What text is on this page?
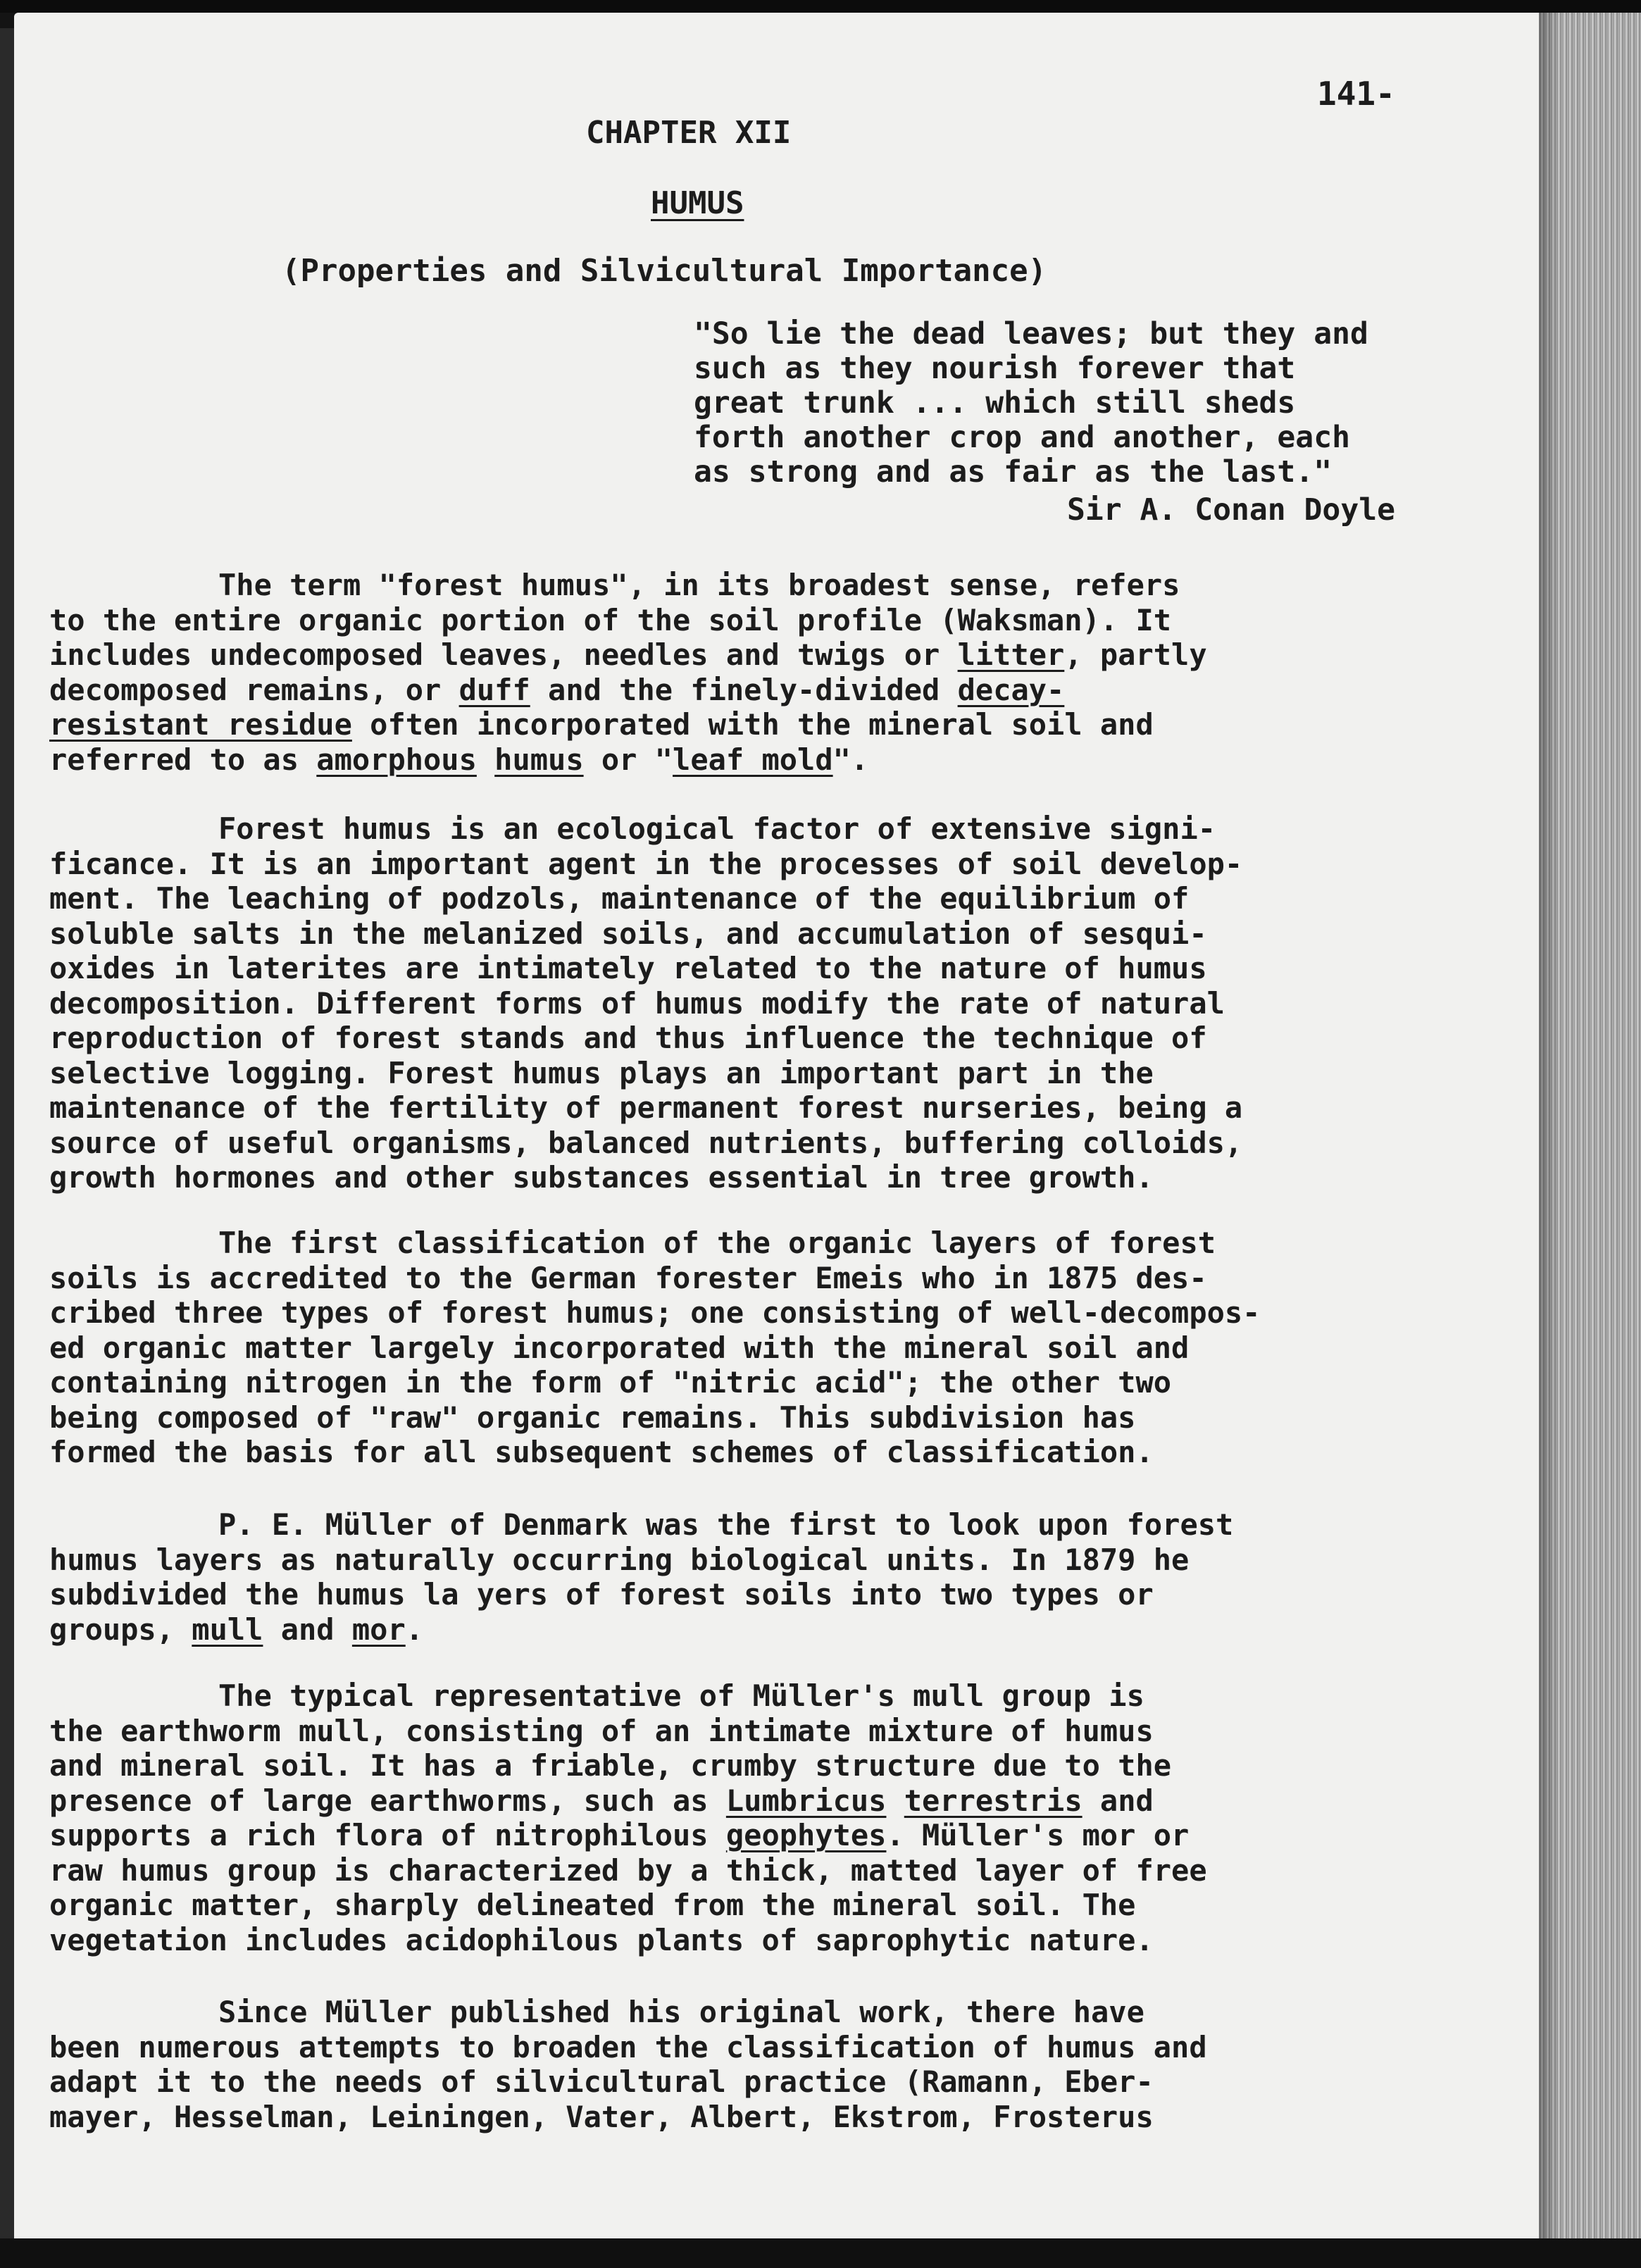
141-
CHAPTER XII
HUMUS
(Properties and Silvicultural Importance)
"So lie the dead leaves; but they and
such as they nourish forever that
great trunk ... which still sheds
forth another crop and another, each
as strong and as fair as the last."
Sir A. Conan Doyle
The term "forest humus", in its broadest sense, refers
to the entire organic portion of the soil profile (Waksman). It
includes undecomposed leaves, needles and twigs or litter, partly
decomposed remains, or duff and the finely-divided decay-
resistant residue often incorporated with the mineral soil and
referred to as amorphous humus or "leaf mold".
Forest humus is an ecological factor of extensive signi-
ficance. It is an important agent in the processes of soil develop-
ment. The leaching of podzols, maintenance of the equilibrium of
soluble salts in the melanized soils, and accumulation of sesqui-
oxides in laterites are intimately related to the nature of humus
decomposition. Different forms of humus modify the rate of natural
reproduction of forest stands and thus influence the technique of
selective logging. Forest humus plays an important part in the
maintenance of the fertility of permanent forest nurseries, being a
source of useful organisms, balanced nutrients, buffering colloids,
growth hormones and other substances essential in tree growth.
The first classification of the organic layers of forest
soils is accredited to the German forester Emeis who in 1875 des-
cribed three types of forest humus; one consisting of well-decompos-
ed organic matter largely incorporated with the mineral soil and
containing nitrogen in the form of "nitric acid"; the other two
being composed of "raw" organic remains. This subdivision has
formed the basis for all subsequent schemes of classification.
P. E. Müller of Denmark was the first to look upon forest
humus layers as naturally occurring biological units. In 1879 he
subdivided the humus la yers of forest soils into two types or
groups, mull and mor.
The typical representative of Müller's mull group is
the earthworm mull, consisting of an intimate mixture of humus
and mineral soil. It has a friable, crumby structure due to the
presence of large earthworms, such as Lumbricus terrestris and
supports a rich flora of nitrophilous geophytes. Müller's mor or
raw humus group is characterized by a thick, matted layer of free
organic matter, sharply delineated from the mineral soil. The
vegetation includes acidophilous plants of saprophytic nature.
Since Müller published his original work, there have
been numerous attempts to broaden the classification of humus and
adapt it to the needs of silvicultural practice (Ramann, Eber-
mayer, Hesselman, Leiningen, Vater, Albert, Ekstrom, Frosterus
